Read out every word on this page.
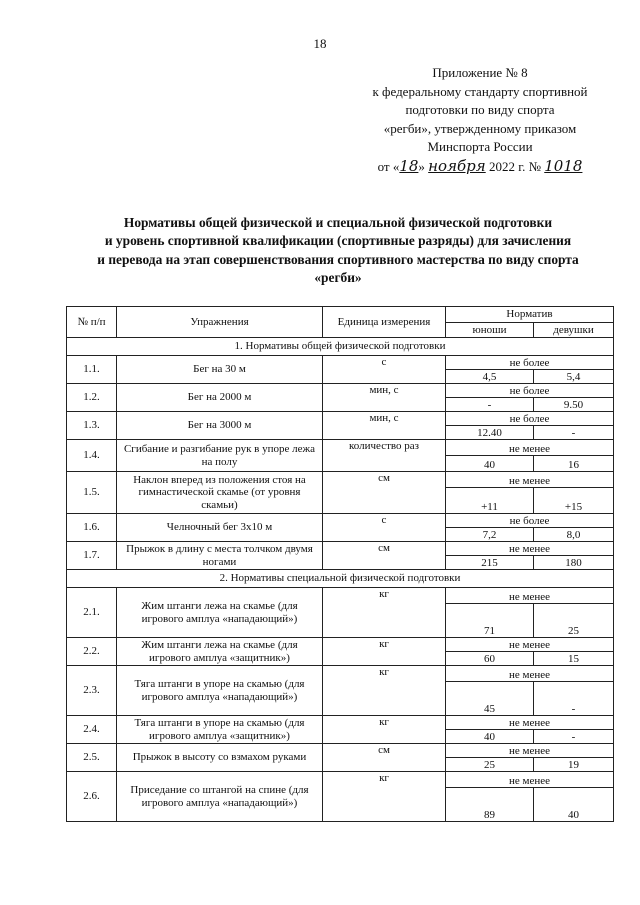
18
Приложение № 8
к федеральному стандарту спортивной
подготовки по виду спорта
«регби», утвержденному приказом
Минспорта России
от «18» ноября 2022 г. № 1018
Нормативы общей физической и специальной физической подготовки
и уровень спортивной квалификации (спортивные разряды) для зачисления
и перевода на этап совершенствования спортивного мастерства по виду спорта
«регби»
№ п/п	Упражнения	Единица измерения	Норматив	
			юноши	девушки
1. Нормативы общей физической подготовки				
1.1.	Бег на 30 м	с	не более	
			4,5	5,4
1.2.	Бег на 2000 м	мин, с	не более	
			-	9.50
1.3.	Бег на 3000 м	мин, с	не более	
			12.40	-
1.4.	Сгибание и разгибание рук в упоре лежа на полу	количество раз	не менее	
			40	16
1.5.	Наклон вперед из положения стоя на гимнастической скамье (от уровня скамьи)	см	не менее	
			+11	+15
1.6.	Челночный бег 3х10 м	с	не более	
			7,2	8,0
1.7.	Прыжок в длину с места толчком двумя ногами	см	не менее	
			215	180
2. Нормативы специальной физической подготовки				
2.1.	Жим штанги лежа на скамье (для игрового амплуа «нападающий»)	кг	не менее	
			71	25
2.2.	Жим штанги лежа на скамье (для игрового амплуа «защитник»)	кг	не менее	
			60	15
2.3.	Тяга штанги в упоре на скамью (для игрового амплуа «нападающий»)	кг	не менее	
			45	-
2.4.	Тяга штанги в упоре на скамью (для игрового амплуа «защитник»)	кг	не менее	
			40	-
2.5.	Прыжок в высоту со взмахом руками	см	не менее	
			25	19
2.6.	Приседание со штангой на спине (для игрового амплуа «нападающий»)	кг	не менее	
			89	40
